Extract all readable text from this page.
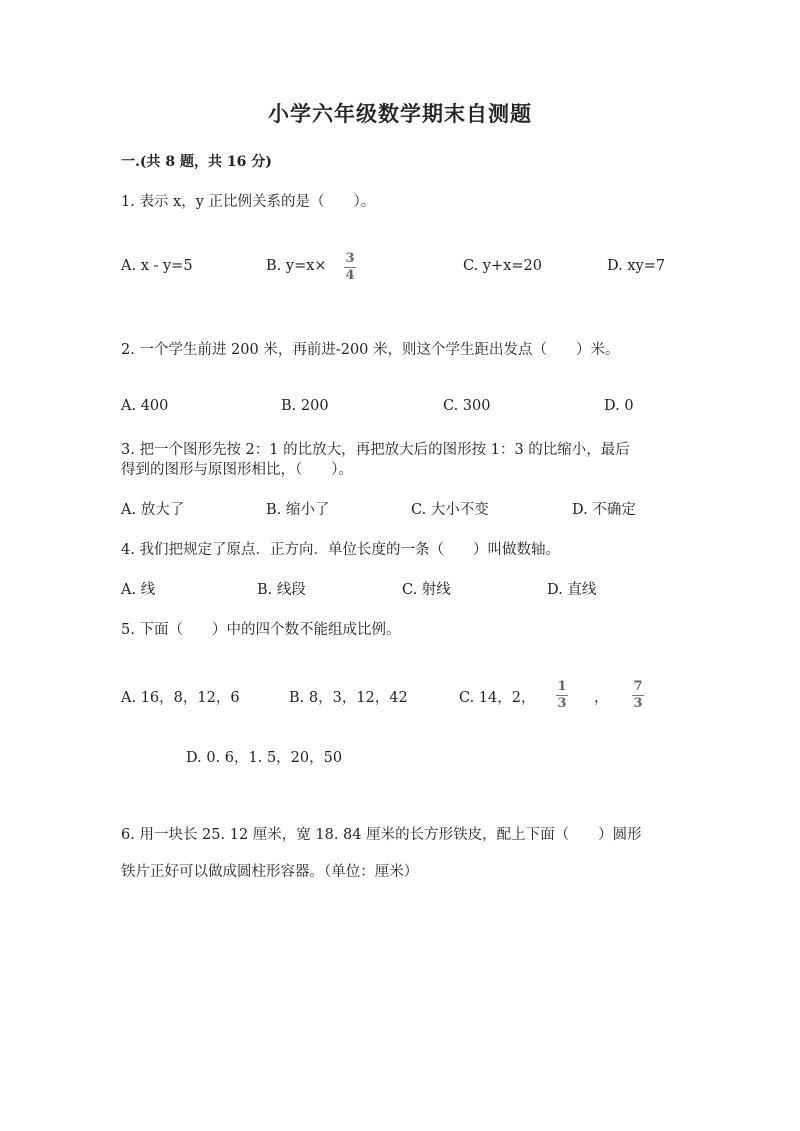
小学六年级数学期末自测题
一.(共 8 题，共 16 分)
1. 表示 x，y 正比例关系的是（　　）。
A. x - y=5	B. y=x× 3
4
C. y+x=20	D. xy=7
2. 一个学生前进 200 米，再前进-200 米，则这个学生距出发点（　　）米。
A. 400	B. 200	C. 300	D. 0
3. 把一个图形先按 2：1 的比放大，再把放大后的图形按 1：3 的比缩小，最后
得到的图形与原图形相比，（　　）。
A. 放大了	B. 缩小了	C. 大小不变	D. 不确定
4. 我们把规定了原点．正方向．单位长度的一条（　　）叫做数轴。
A. 线	B. 线段	C. 射线	D. 直线
5. 下面（　　）中的四个数不能组成比例。
A. 16，8，12，6	B. 8，3，12，42	C. 14，2，
1
3 ，
7
3
D. 0. 6，1. 5，20，50
6. 用一块长 25. 12 厘米，宽 18. 84 厘米的长方形铁皮，配上下面（　　）圆形
铁片正好可以做成圆柱形容器。（单位：厘米）
